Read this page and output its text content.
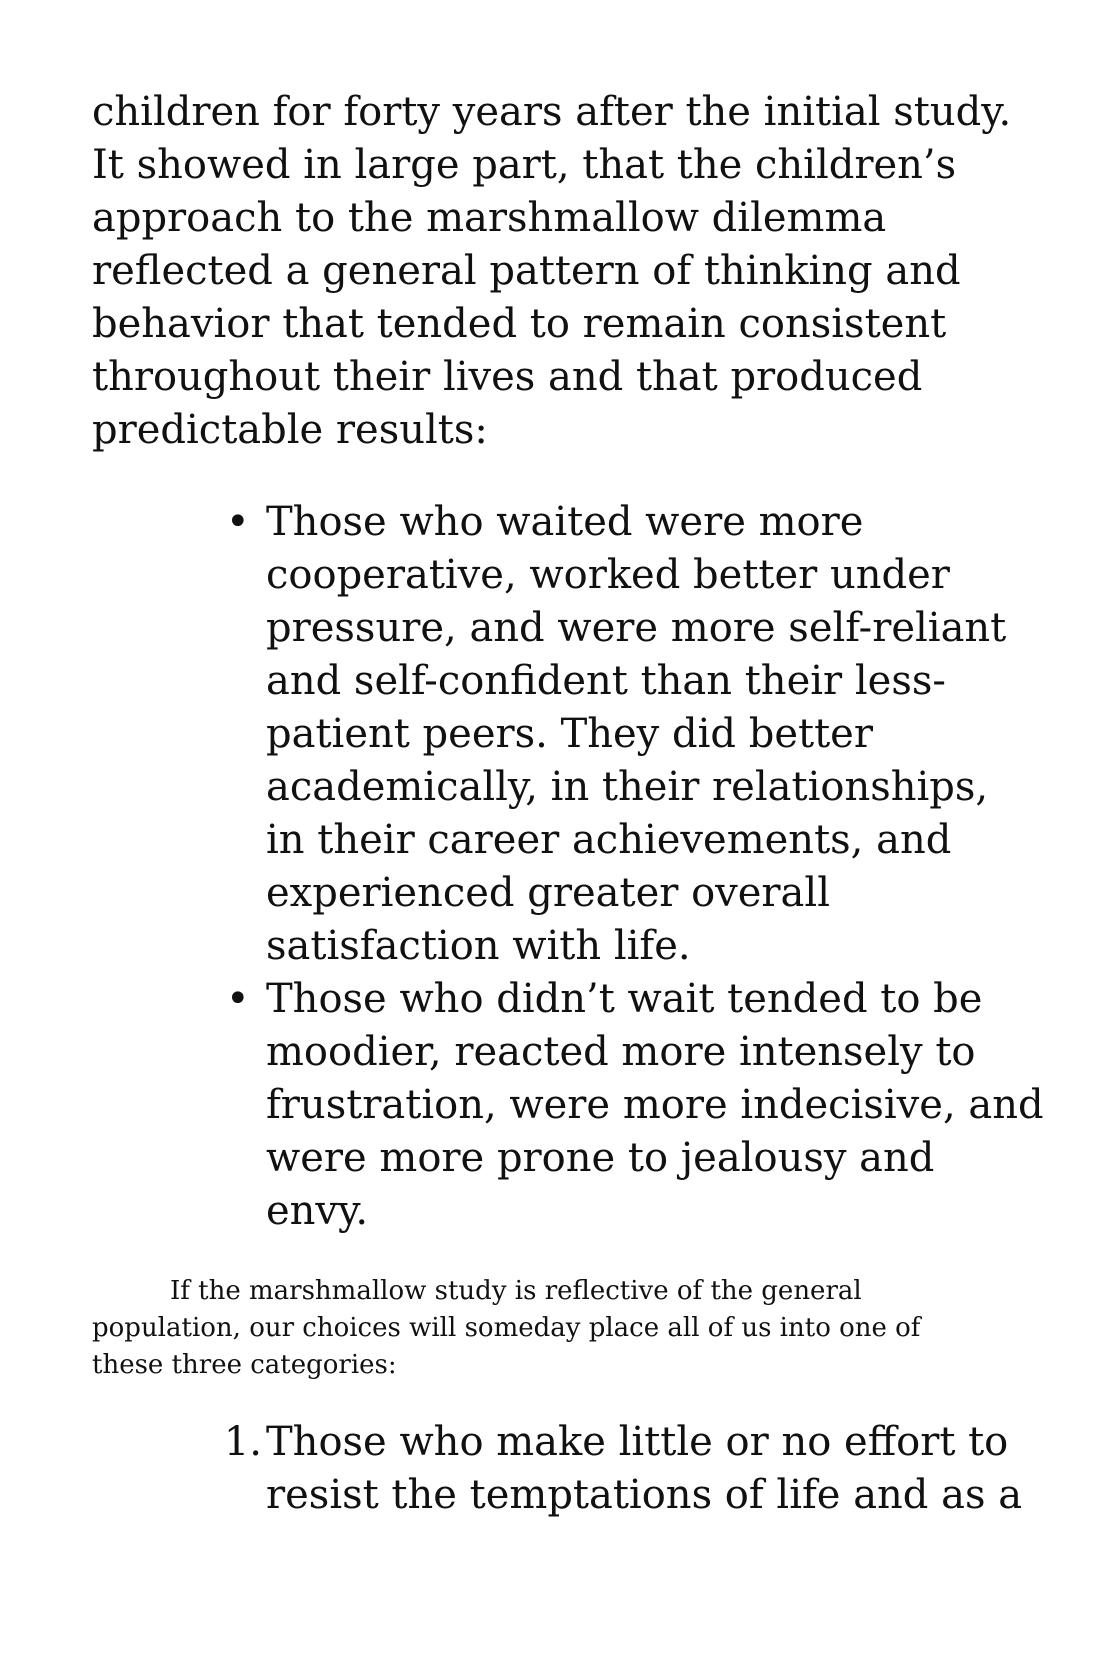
children for forty years after the initial study.
It showed in large part, that the children’s
approach to the marshmallow dilemma
reflected a general pattern of thinking and
behavior that tended to remain consistent
throughout their lives and that produced
predictable results:

• Those who waited were more
cooperative, worked better under
pressure, and were more self-reliant
and self-confident than their less-
patient peers. They did better
academically, in their relationships,
in their career achievements, and
experienced greater overall
satisfaction with life.
• Those who didn’t wait tended to be
moodier, reacted more intensely to
frustration, were more indecisive, and
were more prone to jealousy and
envy.

If the marshmallow study is reflective of the general
population, our choices will someday place all of us into one of
these three categories:

1. Those who make little or no effort to
resist the temptations of life and as a
